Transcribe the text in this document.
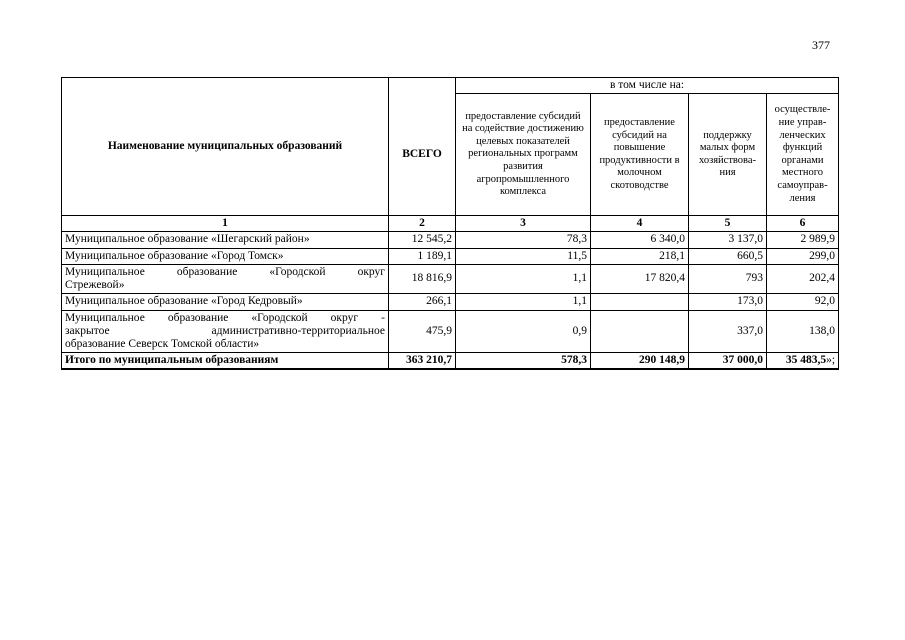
377
Наименование муниципальных образований		в том числе на:			
	ВСЕГО	предоставление субсидий на содействие достижению целевых показателей региональных программ развития агропромышленного комплекса	предоставление субсидий на повышение продуктивности в молочном скотоводстве	поддержку малых форм хозяйствова-ния	осуществле-ние управ-ленческих функций органами местного самоуправ-ления
1	2	3	4	5	6
Муниципальное образование «Шегарский район»	12 545,2	78,3	6 340,0	3 137,0	2 989,9
Муниципальное образование «Город Томск»	1 189,1	11,5	218,1	660,5	299,0

Муниципальное образование «Городской округ
Стрежевой»	18 816,9	1,1	17 820,4	793	202,4
Муниципальное образование «Город Кедровый»	266,1	1,1		173,0	92,0

Муниципальное образование «Городской округ -
закрытое административно-территориальное
образование Северск Томской области»	475,9	0,9		337,0	138,0
Итого по муниципальным образованиям	363 210,7	578,3	290 148,9	37 000,0	35 483,5»;
